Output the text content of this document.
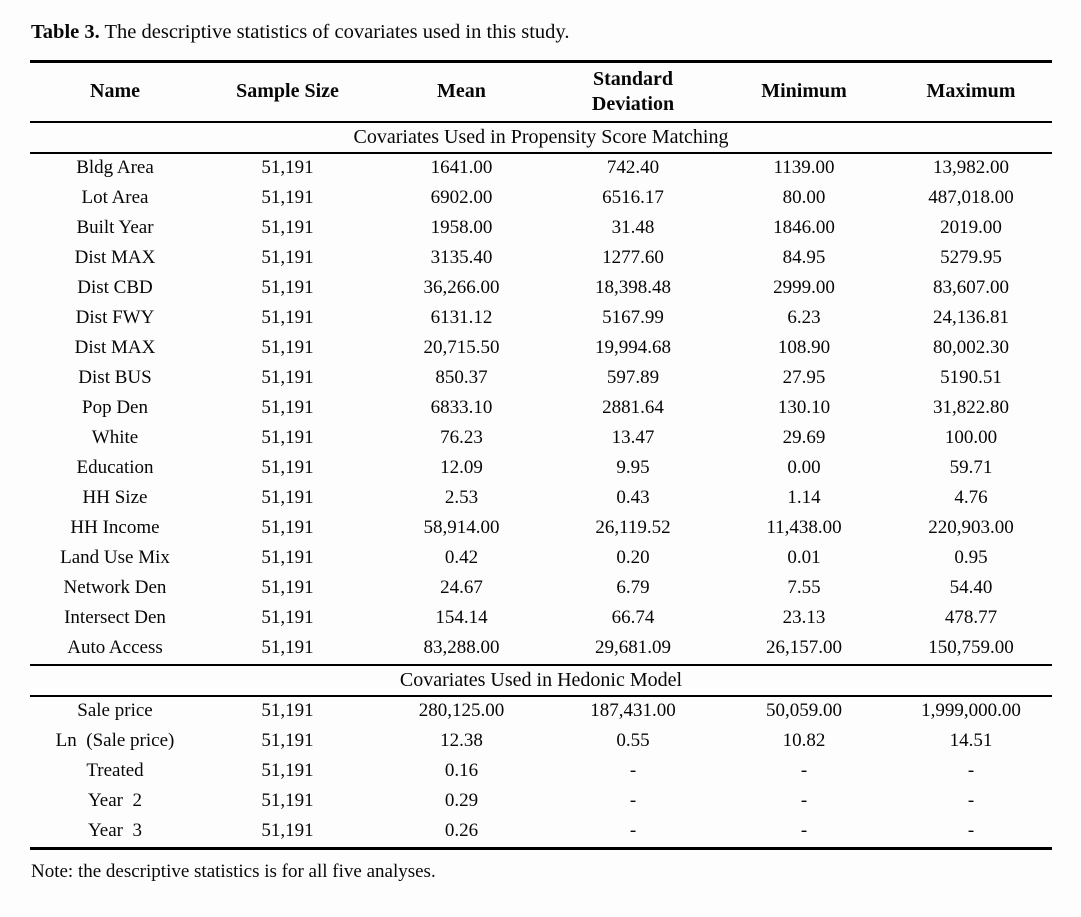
Table 3. The descriptive statistics of covariates used in this study.

Name	Sample Size	Mean	Standard Deviation	Minimum	Maximum
Covariates Used in Propensity Score Matching					
Bldg Area	51,191	1641.00	742.40	1139.00	13,982.00
Lot Area	51,191	6902.00	6516.17	80.00	487,018.00
Built Year	51,191	1958.00	31.48	1846.00	2019.00
Dist MAX	51,191	3135.40	1277.60	84.95	5279.95
Dist CBD	51,191	36,266.00	18,398.48	2999.00	83,607.00
Dist FWY	51,191	6131.12	5167.99	6.23	24,136.81
Dist MAX	51,191	20,715.50	19,994.68	108.90	80,002.30
Dist BUS	51,191	850.37	597.89	27.95	5190.51
Pop Den	51,191	6833.10	2881.64	130.10	31,822.80
White	51,191	76.23	13.47	29.69	100.00
Education	51,191	12.09	9.95	0.00	59.71
HH Size	51,191	2.53	0.43	1.14	4.76
HH Income	51,191	58,914.00	26,119.52	11,438.00	220,903.00
Land Use Mix	51,191	0.42	0.20	0.01	0.95
Network Den	51,191	24.67	6.79	7.55	54.40
Intersect Den	51,191	154.14	66.74	23.13	478.77
Auto Access	51,191	83,288.00	29,681.09	26,157.00	150,759.00
Covariates Used in Hedonic Model					
Sale price	51,191	280,125.00	187,431.00	50,059.00	1,999,000.00
Ln  (Sale price)	51,191	12.38	0.55	10.82	14.51
Treated	51,191	0.16	-	-	-
Year  2	51,191	0.29	-	-	-
Year  3	51,191	0.26	-	-	-

Note: the descriptive statistics is for all five analyses.
